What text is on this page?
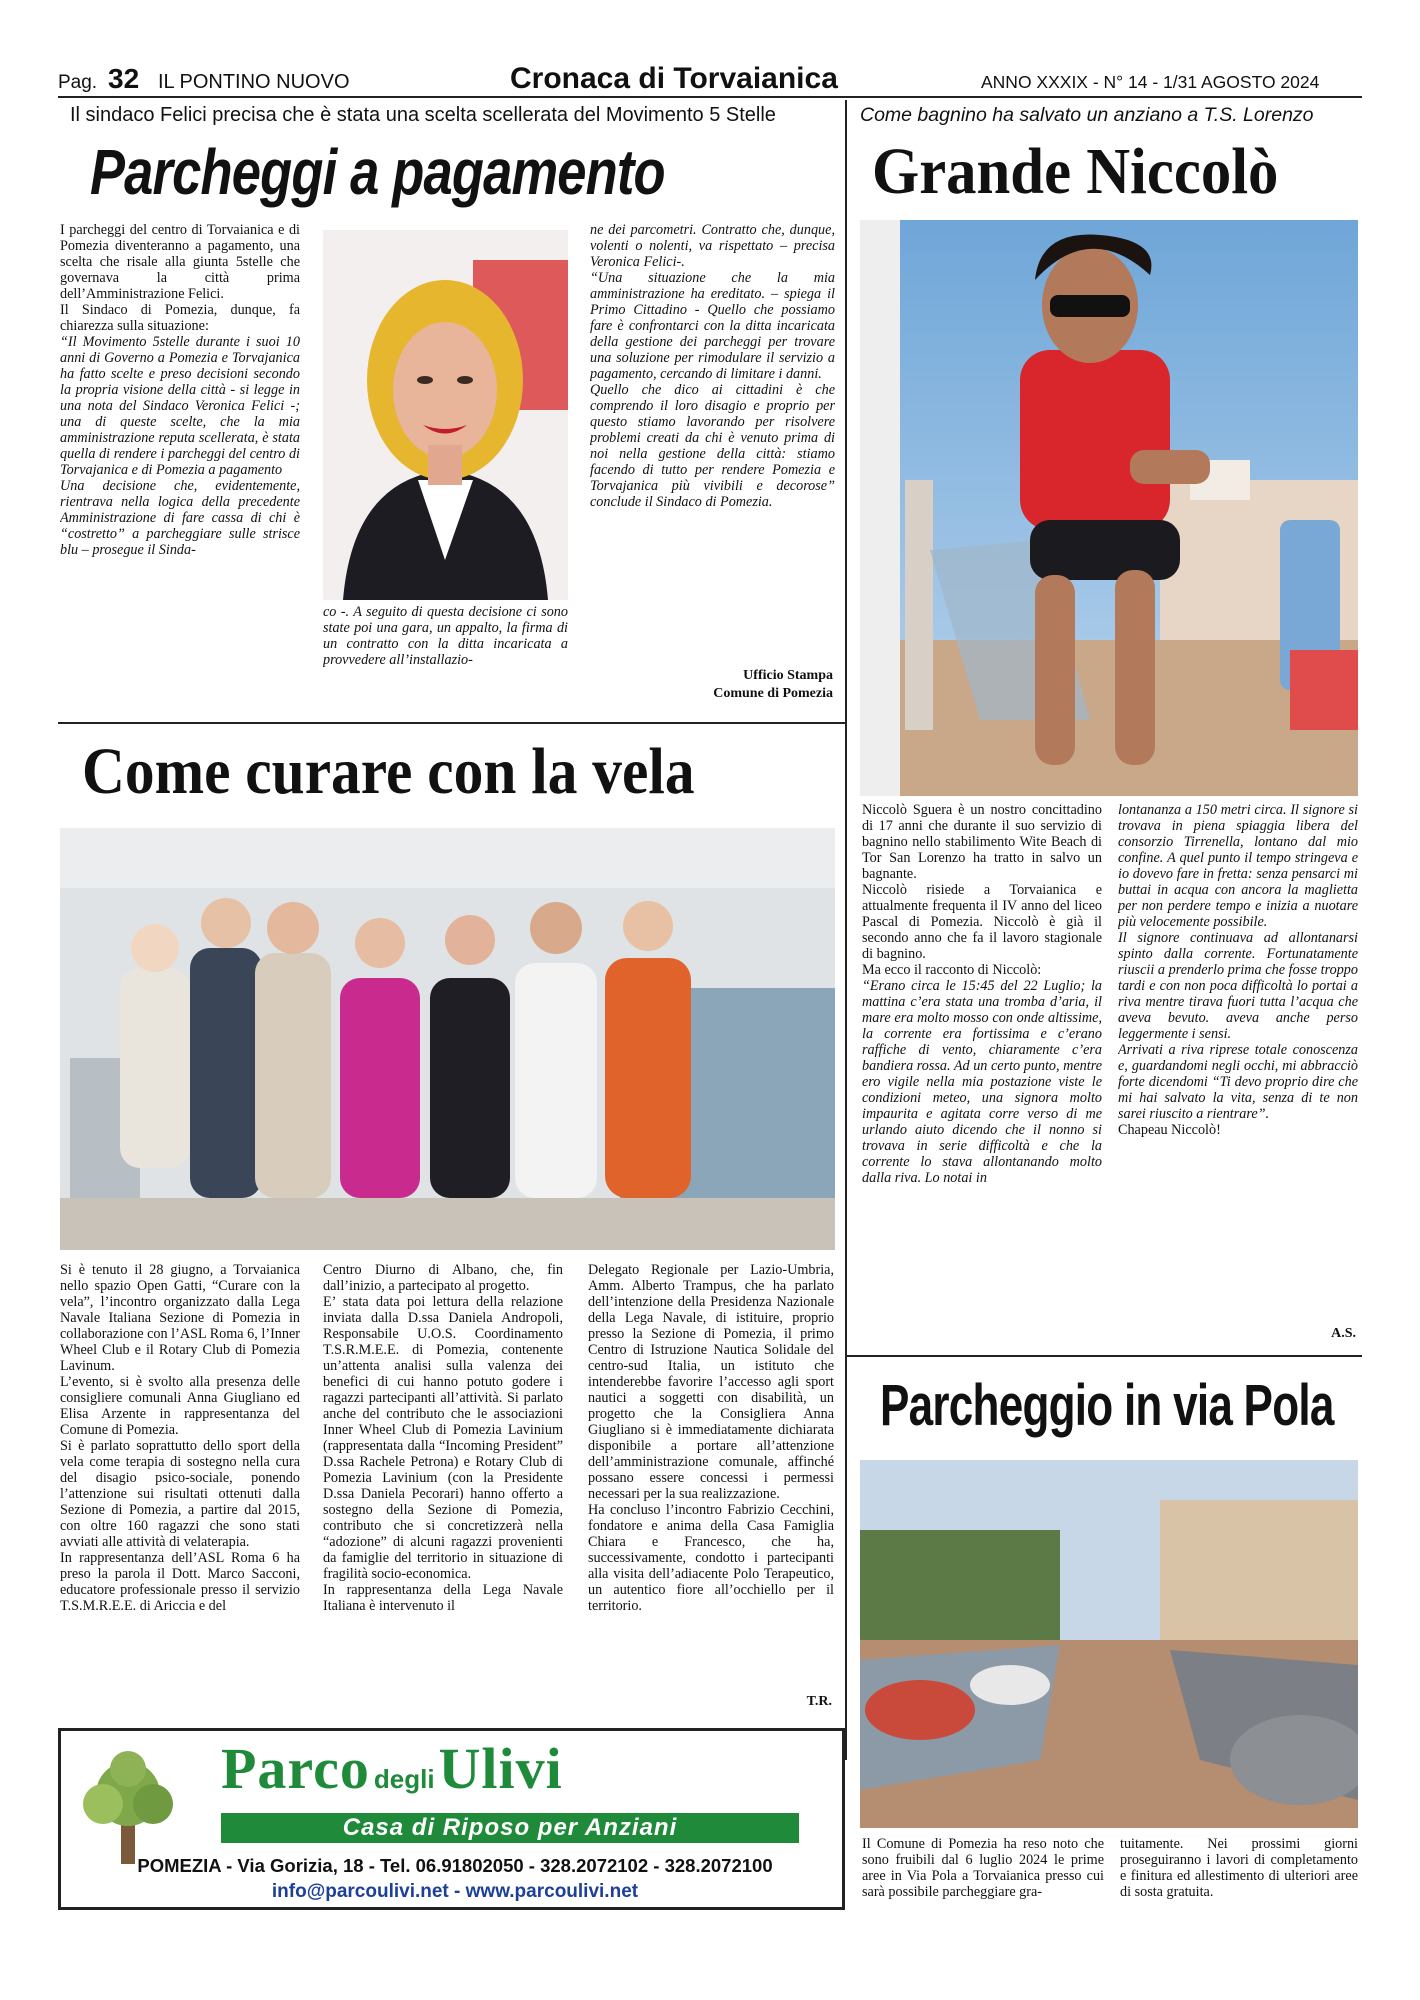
Pag. 32 IL PONTINO NUOVO	Cronaca di Torvaianica	ANNO XXXIX - N° 14 - 1/31 AGOSTO 2024
Il sindaco Felici precisa che è stata una scelta scellerata del Movimento 5 Stelle
Parcheggi a pagamento

I parcheggi del centro di Torvaianica e di Pomezia diventeranno a pagamento, una scelta che risale alla giunta 5stelle che governava la città prima dell’Amministrazione Felici.

Il Sindaco di Pomezia, dunque, fa chiarezza sulla situazione:

“Il Movimento 5stelle durante i suoi 10 anni di Governo a Pomezia e Torvajanica ha fatto scelte e preso decisioni secondo la propria visione della città - si legge in una nota del Sindaco Veronica Felici -; una di queste scelte, che la mia amministrazione reputa scellerata, è stata quella di rendere i parcheggi del centro di Torvajanica e di Pomezia a pagamento

Una decisione che, evidentemente, rientrava nella logica della precedente Amministrazione di fare cassa di chi è “costretto” a parcheggiare sulle strisce blu – prosegue il Sinda-

co -. A seguito di questa decisione ci sono state poi una gara, un appalto, la firma di un contratto con la ditta incaricata a provvedere all’installazio-

ne dei parcometri. Contratto che, dunque, volenti o nolenti, va rispettato – precisa Veronica Felici-.

“Una situazione che la mia amministrazione ha ereditato. – spiega il Primo Cittadino - Quello che possiamo fare è confrontarci con la ditta incaricata della gestione dei parcheggi per trovare una soluzione per rimodulare il servizio a pagamento, cercando di limitare i danni.

Quello che dico ai cittadini è che comprendo il loro disagio e proprio per questo stiamo lavorando per risolvere problemi creati da chi è venuto prima di noi nella gestione della città: stiamo facendo di tutto per rendere Pomezia e Torvajanica più vivibili e decorose” conclude il Sindaco di Pomezia.

Ufficio Stampa
Comune di Pomezia
Come bagnino ha salvato un anziano a T.S. Lorenzo
Grande Niccolò

Niccolò Sguera è un nostro concittadino di 17 anni che durante il suo servizio di bagnino nello stabilimento Wite Beach di Tor San Lorenzo ha tratto in salvo un bagnante.

Niccolò risiede a Torvaianica e attualmente frequenta il IV anno del liceo Pascal di Pomezia. Niccolò è già il secondo anno che fa il lavoro stagionale di bagnino.

Ma ecco il racconto di Niccolò:

“Erano circa le 15:45 del 22 Luglio; la mattina c’era stata una tromba d’aria, il mare era molto mosso con onde altissime, la corrente era fortissima e c’erano raffiche di vento, chiaramente c’era bandiera rossa. Ad un certo punto, mentre ero vigile nella mia postazione viste le condizioni meteo, una signora molto impaurita e agitata corre verso di me urlando aiuto dicendo che il nonno si trovava in serie difficoltà e che la corrente lo stava allontanando molto dalla riva. Lo notai in

lontananza a 150 metri circa. Il signore si trovava in piena spiaggia libera del consorzio Tirrenella, lontano dal mio confine. A quel punto il tempo stringeva e io dovevo fare in fretta: senza pensarci mi buttai in acqua con ancora la maglietta per non perdere tempo e inizia a nuotare più velocemente possibile.

Il signore continuava ad allontanarsi spinto dalla corrente. Fortunatamente riuscii a prenderlo prima che fosse troppo tardi e con non poca difficoltà lo portai a riva mentre tirava fuori tutta l’acqua che aveva bevuto. aveva anche perso leggermente i sensi.

Arrivati a riva riprese totale conoscenza e, guardandomi negli occhi, mi abbracciò forte dicendomi “Ti devo proprio dire che mi hai salvato la vita, senza di te non sarei riuscito a rientrare”.

Chapeau Niccolò!

A.S.
Come curare con la vela

Si è tenuto il 28 giugno, a Torvaianica nello spazio Open Gatti, “Curare con la vela”, l’incontro organizzato dalla Lega Navale Italiana Sezione di Pomezia in collaborazione con l’ASL Roma 6, l’Inner Wheel Club e il Rotary Club di Pomezia Lavinum.

L’evento, si è svolto alla presenza delle consigliere comunali Anna Giugliano ed Elisa Arzente in rappresentanza del Comune di Pomezia.

Si è parlato soprattutto dello sport della vela come terapia di sostegno nella cura del disagio psico-sociale, ponendo l’attenzione sui risultati ottenuti dalla Sezione di Pomezia, a partire dal 2015, con oltre 160 ragazzi che sono stati avviati alle attività di velaterapia.

In rappresentanza dell’ASL Roma 6 ha preso la parola il Dott. Marco Sacconi, educatore professionale presso il servizio T.S.M.R.E.E. di Ariccia e del

Centro Diurno di Albano, che, fin dall’inizio, a partecipato al progetto.

E’ stata data poi lettura della relazione inviata dalla D.ssa Daniela Andropoli, Responsabile U.O.S. Coordinamento T.S.R.M.E.E. di Pomezia, contenente un’attenta analisi sulla valenza dei benefici di cui hanno potuto godere i ragazzi partecipanti all’attività. Si parlato anche del contributo che le associazioni Inner Wheel Club di Pomezia Lavinium (rappresentata dalla “Incoming President” D.ssa Rachele Petrona) e Rotary Club di Pomezia Lavinium (con la Presidente D.ssa Daniela Pecorari) hanno offerto a sostegno della Sezione di Pomezia, contributo che si concretizzerà nella “adozione” di alcuni ragazzi provenienti da famiglie del territorio in situazione di fragilità socio-economica.

In rappresentanza della Lega Navale Italiana è intervenuto il

Delegato Regionale per Lazio-Umbria, Amm. Alberto Trampus, che ha parlato dell’intenzione della Presidenza Nazionale della Lega Navale, di istituire, proprio presso la Sezione di Pomezia, il primo Centro di Istruzione Nautica Solidale del centro-sud Italia, un istituto che intenderebbe favorire l’accesso agli sport nautici a soggetti con disabilità, un progetto che la Consigliera Anna Giugliano si è immediatamente dichiarata disponibile a portare all’attenzione dell’amministrazione comunale, affinché possano essere concessi i permessi necessari per la sua realizzazione.

Ha concluso l’incontro Fabrizio Cecchini, fondatore e anima della Casa Famiglia Chiara e Francesco, che ha, successivamente, condotto i partecipanti alla visita dell’adiacente Polo Terapeutico, un autentico fiore all’occhiello per il territorio.

T.R.
Parco degli Ulivi
Casa di Riposo per Anziani
POMEZIA - Via Gorizia, 18 - Tel. 06.91802050 - 328.2072102 - 328.2072100
info@parcoulivi.net - www.parcoulivi.net
Parcheggio in via Pola

Il Comune di Pomezia ha reso noto che sono fruibili dal 6 luglio 2024 le prime aree in Via Pola a Torvaianica presso cui sarà possibile parcheggiare gra-

tuitamente. Nei prossimi giorni proseguiranno i lavori di completamento e finitura ed allestimento di ulteriori aree di sosta gratuita.
